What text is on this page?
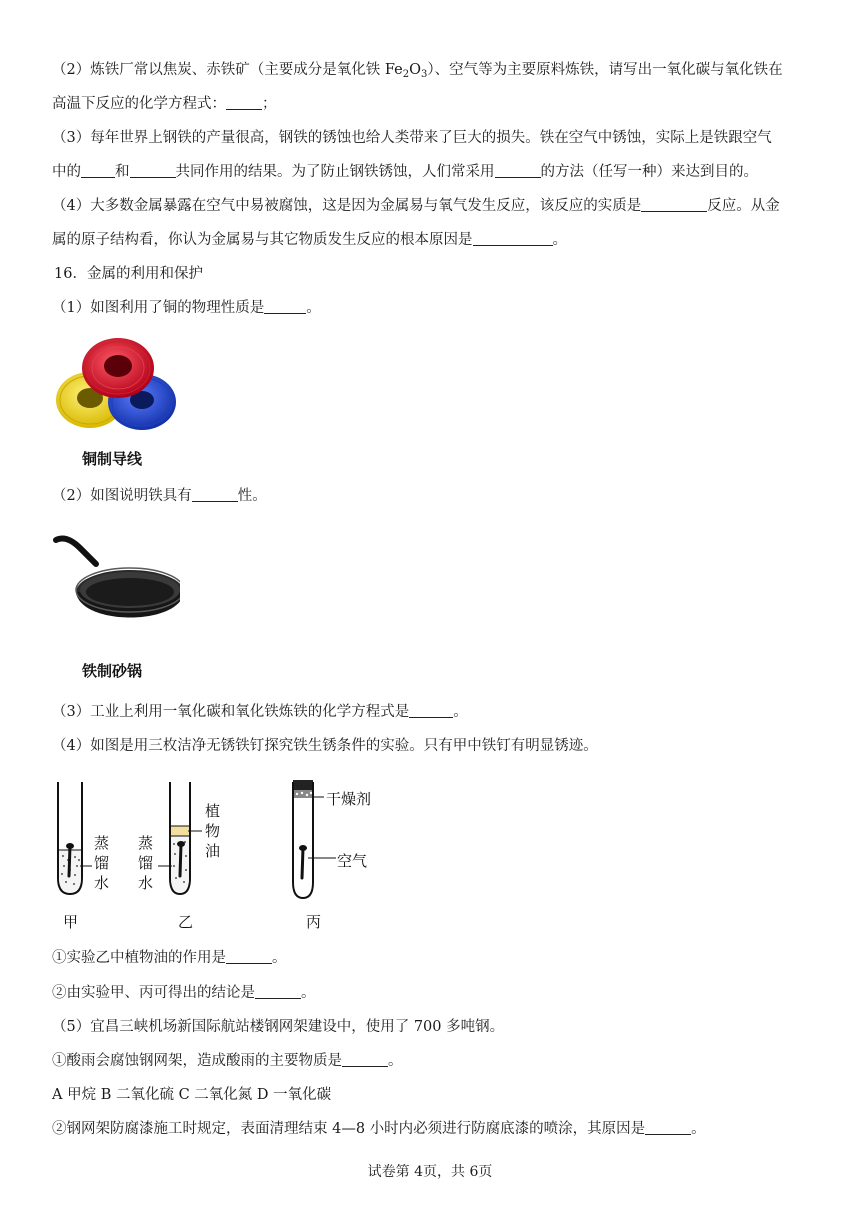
（2）炼铁厂常以焦炭、赤铁矿（主要成分是氧化铁 $Fe_2O_3$）、空气等为主要原料炼铁，请写出一氧化碳与氧化铁在
高温下反应的化学方程式： ；
（3）每年世界上钢铁的产量很高，钢铁的锈蚀也给人类带来了巨大的损失。铁在空气中锈蚀，实际上是铁跟空气
中的 和	共同作用的结果。为了防止钢铁锈蚀，人们常采用	的方法（任写一种）来达到目的。
（4）大多数金属暴露在空气中易被腐蚀，这是因为金属易与氧气发生反应，该反应的实质是	反应。从金
属的原子结构看，你认为金属易与其它物质发生反应的根本原因是	。
16．金属的利用和保护
（1）如图利用了铜的物理性质是	。
铜制导线
（2）如图说明铁具有	性。
铁制砂锅
（3）工业上利用一氧化碳和氧化铁炼铁的化学方程式是	。
（4）如图是用三枚洁净无锈铁钉探究铁生锈条件的实验。只有甲中铁钉有明显锈迹。
蒸
馏
水
甲
蒸
馏
水
植
物
油
乙
干燥剂
空气
丙
①实验乙中植物油的作用是	。
②由实验甲、丙可得出的结论是	。
（5）宜昌三峡机场新国际航站楼钢网架建设中，使用了 700 多吨钢。
①酸雨会腐蚀钢网架，造成酸雨的主要物质是	。
A 甲烷 B 二氧化硫 C 二氧化氮 D 一氧化碳
②钢网架防腐漆施工时规定，表面清理结束 4—8 小时内必须进行防腐底漆的喷涂，其原因是	。
试卷第 4页，共 6页
